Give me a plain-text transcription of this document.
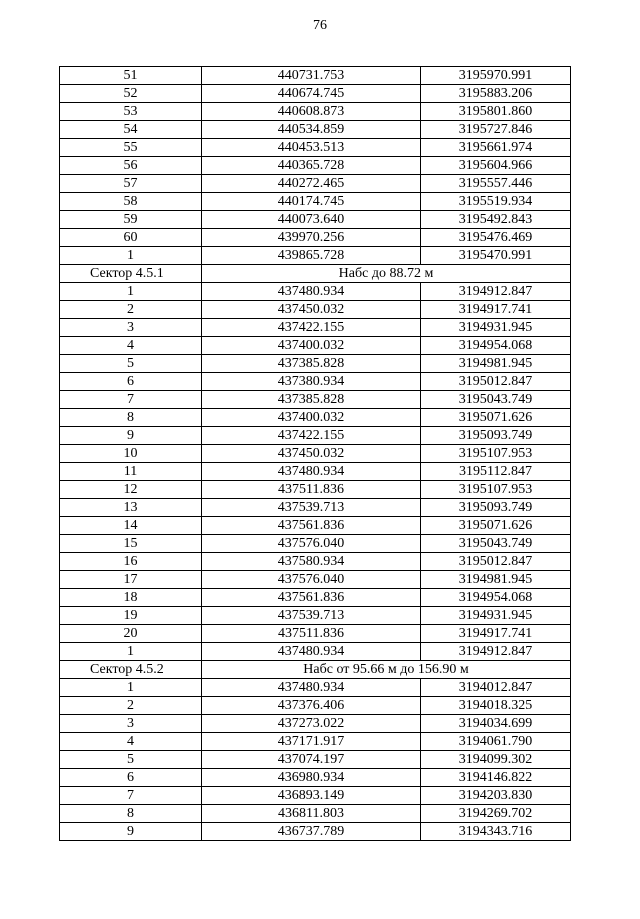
76
51	440731.753	3195970.991
52	440674.745	3195883.206
53	440608.873	3195801.860
54	440534.859	3195727.846
55	440453.513	3195661.974
56	440365.728	3195604.966
57	440272.465	3195557.446
58	440174.745	3195519.934
59	440073.640	3195492.843
60	439970.256	3195476.469
1	439865.728	3195470.991
Сектор 4.5.1	Набс до 88.72 м	
1	437480.934	3194912.847
2	437450.032	3194917.741
3	437422.155	3194931.945
4	437400.032	3194954.068
5	437385.828	3194981.945
6	437380.934	3195012.847
7	437385.828	3195043.749
8	437400.032	3195071.626
9	437422.155	3195093.749
10	437450.032	3195107.953
11	437480.934	3195112.847
12	437511.836	3195107.953
13	437539.713	3195093.749
14	437561.836	3195071.626
15	437576.040	3195043.749
16	437580.934	3195012.847
17	437576.040	3194981.945
18	437561.836	3194954.068
19	437539.713	3194931.945
20	437511.836	3194917.741
1	437480.934	3194912.847
Сектор 4.5.2	Набс от 95.66 м до 156.90 м	
1	437480.934	3194012.847
2	437376.406	3194018.325
3	437273.022	3194034.699
4	437171.917	3194061.790
5	437074.197	3194099.302
6	436980.934	3194146.822
7	436893.149	3194203.830
8	436811.803	3194269.702
9	436737.789	3194343.716
